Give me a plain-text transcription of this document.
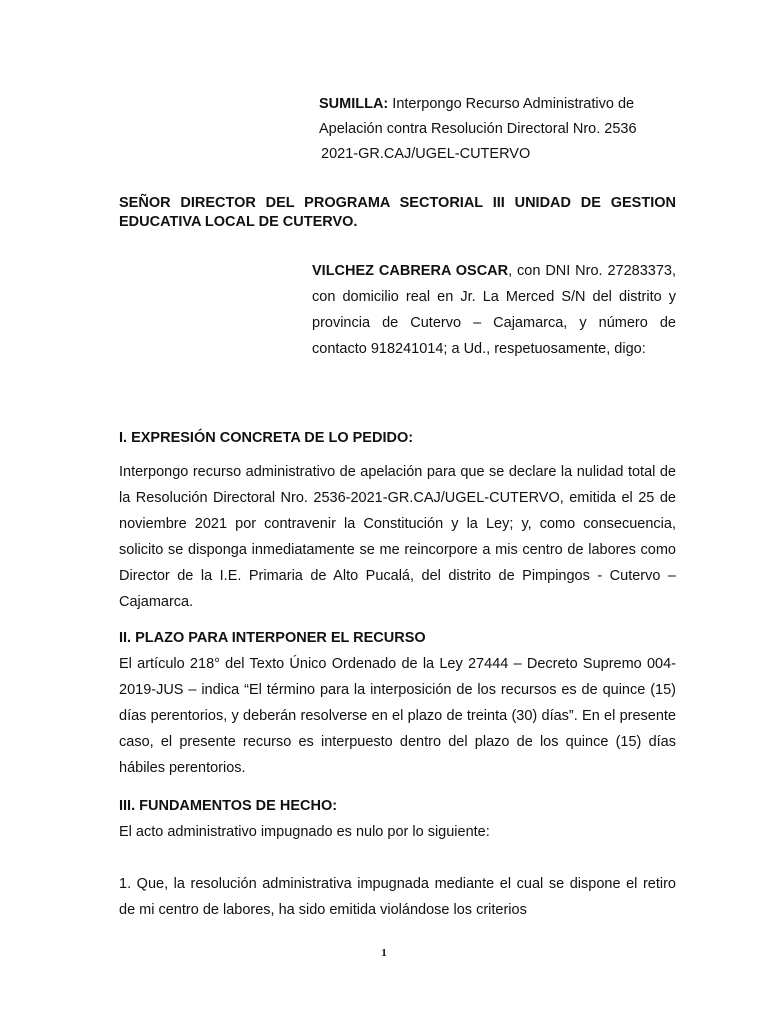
SUMILLA: Interpongo Recurso Administrativo de
Apelación contra Resolución Directoral Nro. 2536
2021-GR.CAJ/UGEL-CUTERVO
SEÑOR DIRECTOR DEL PROGRAMA SECTORIAL III UNIDAD DE GESTION EDUCATIVA LOCAL DE CUTERVO.
VILCHEZ CABRERA OSCAR, con DNI Nro. 27283373, con domicilio real en Jr. La Merced S/N del distrito y provincia de Cutervo – Cajamarca, y número de contacto 918241014; a Ud., respetuosamente, digo:
I. EXPRESIÓN CONCRETA DE LO PEDIDO:
Interpongo recurso administrativo de apelación para que se declare la nulidad total de la Resolución Directoral Nro. 2536-2021-GR.CAJ/UGEL-CUTERVO, emitida el 25 de noviembre 2021 por contravenir la Constitución y la Ley; y, como consecuencia, solicito se disponga inmediatamente se me reincorpore a mis centro de labores como Director de la I.E. Primaria de Alto Pucalá, del distrito de Pimpingos - Cutervo – Cajamarca.
II. PLAZO PARA INTERPONER EL RECURSO
El artículo 218° del Texto Único Ordenado de la Ley 27444 – Decreto Supremo 004-2019-JUS – indica “El término para la interposición de los recursos es de quince (15) días perentorios, y deberán resolverse en el plazo de treinta (30) días”. En el presente caso, el presente recurso es interpuesto dentro del plazo de los quince (15) días hábiles perentorios.
III. FUNDAMENTOS DE HECHO:
El acto administrativo impugnado es nulo por lo siguiente:
1. Que, la resolución administrativa impugnada mediante el cual se dispone el retiro de mi centro de labores, ha sido emitida violándose los criterios
1
